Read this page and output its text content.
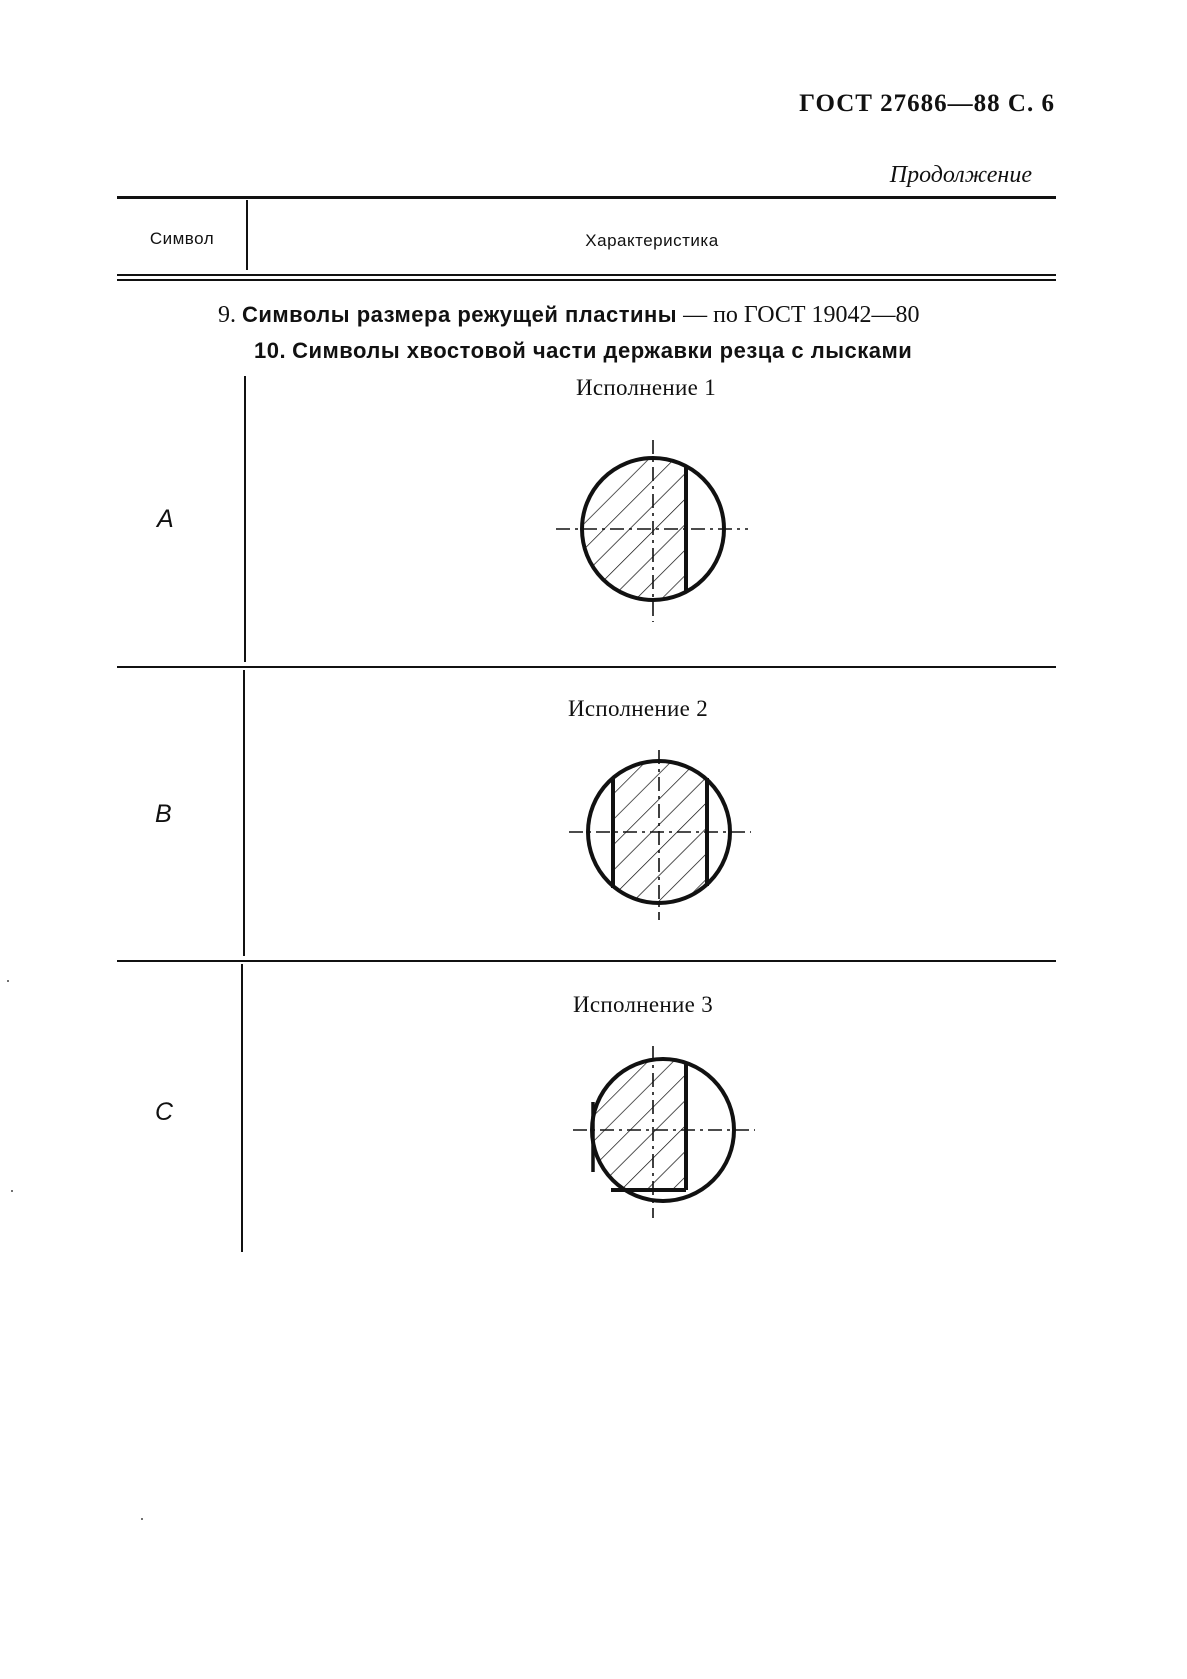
ГОСТ 27686—88 С. 6
Продолжение
Символ	Характеристика
9. Символы размера режущей пластины — по ГОСТ 19042—80
10. Символы хвостовой части державки резца с лысками
A
Исполнение 1
B
Исполнение 2
C
Исполнение 3
